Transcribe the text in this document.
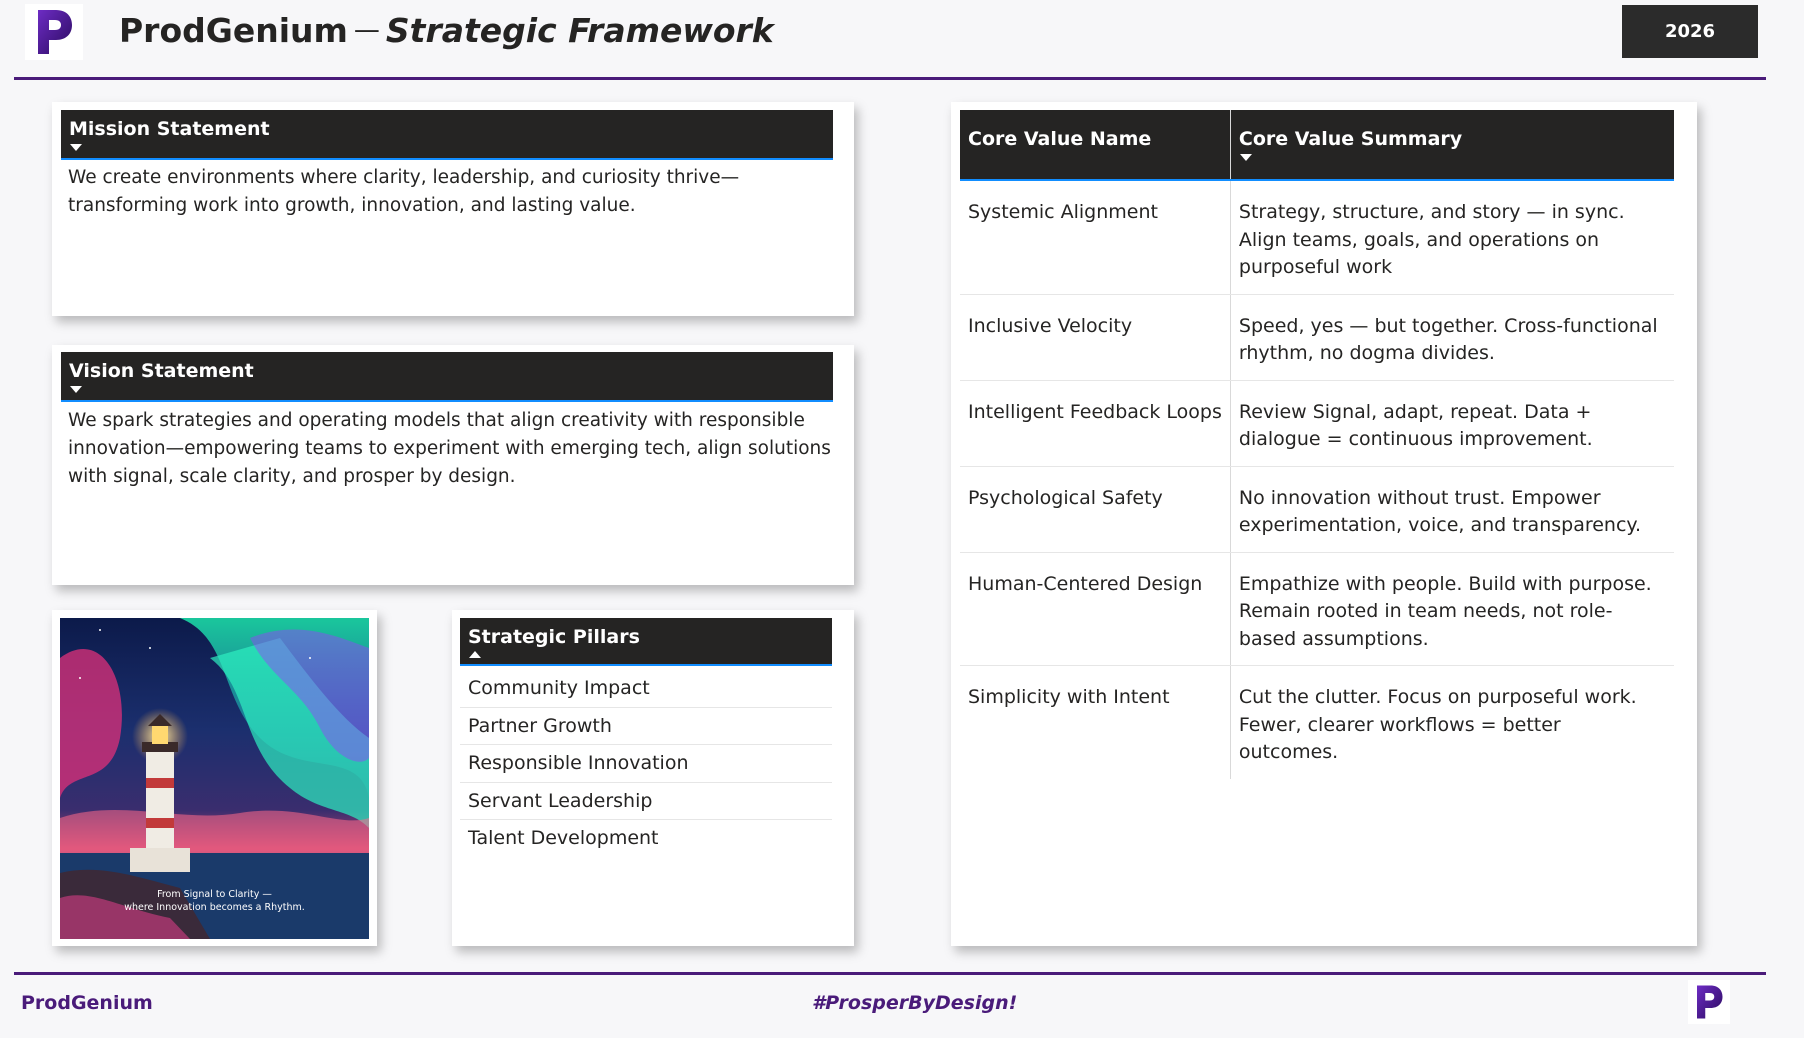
ProdGenium — Strategic Framework	2026
Mission Statement
We create environments where clarity, leadership, and curiosity thrive—transforming work into growth, innovation, and lasting value.
Vision Statement
We spark strategies and operating models that align creativity with responsible innovation—empowering teams to experiment with emerging tech, align solutions with signal, scale clarity, and prosper by design.
From Signal to Clarity —
where Innovation becomes a Rhythm.
Strategic Pillars
Community Impact
Partner Growth
Responsible Innovation
Servant Leadership
Talent Development
Core Value Name	Core Value Summary

Systemic Alignment	Strategy, structure, and story — in sync. Align teams, goals, and operations on purposeful work
Inclusive Velocity	Speed, yes — but together. Cross-functional rhythm, no dogma divides.
Intelligent Feedback Loops	Review Signal, adapt, repeat. Data + dialogue = continuous improvement.
Psychological Safety	No innovation without trust. Empower experimentation, voice, and transparency.
Human-Centered Design	Empathize with people. Build with purpose. Remain rooted in team needs, not role-based assumptions.
Simplicity with Intent	Cut the clutter. Focus on purposeful work. Fewer, clearer workflows = better outcomes.
ProdGenium	#ProsperByDesign!
